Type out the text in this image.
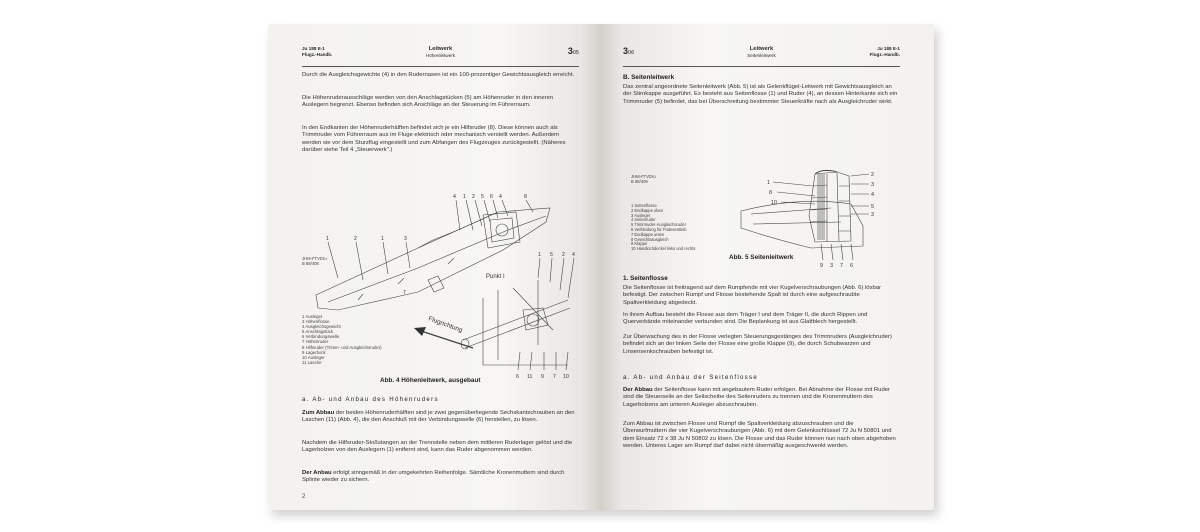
Ju 188 E-1
Flugz.-Handb.
Leitwerk
Höhenleitwerk	305

Durch die Ausgleichsgewichte (4) in den Rudernasen ist ein 100-prozentiger Gewichtsausgleich erreicht.

Die Höhenruderausschläge werden von den Anschlagstücken (5) am Höhenruder in den inneren Auslegern begrenzt. Ebenso befinden sich Anschläge an der Steuerung im Führerraum.

In den Endkanten der Höhenruderhälften befindet sich je ein Hilfsruder (8). Diese können auch als Trimmruder vom Führerraum aus im Fluge elektrisch oder mechanisch verstellt werden. Außerdem werden sie vor dem Sturzflug eingestellt und zum Abfangen des Flugzeuges zurückgestellt. (Näheres darüber siehe Teil 4 „Steuerwerk".)

JHM-FTVDru
B 88/408
4 1 2 5 6 4	8
1	2	1	3
1 5 2 4
6 11 9 7 10
7
Punkt I
Flugrichtung
1 Ausleger
2 Höhenflosse
4 Ausgleichsgewicht
5 Anschlagstück
6 Verbindungswelle
7 Höhenruder
8 Hilfsruder (Trimm- und Ausgleichsruder)
9 Lagerbock
10 Ausleger
11 Lasche
Abb. 4 Höhenleitwerk, ausgebaut

a. Ab- und Anbau des Höhenruders

Zum Abbau der beiden Höhenruderhälften sind je zwei gegenüberliegende Sechskantschrauben an den Laschen (11) (Abb. 4), die den Anschluß mit der Verbindungswelle (6) herstellen, zu lösen.

Nachdem die Hilfsruder-Stoßstangen an der Trennstelle neben dem mittleren Ruderlager gelöst und die Lagerbolzen von den Auslegern (1) entfernt sind, kann das Ruder abgenommen werden.

Der Anbau erfolgt sinngemäß in der umgekehrten Reihenfolge. Sämtliche Kronenmuttern sind durch Splinte wieder zu sichern.

2
306
Leitwerk
Seitenleitwerk
Ju 188 E-1
Flugz.-Handb.

B. Seitenleitwerk

Das zentral angeordnete Seitenleitwerk (Abb. 5) ist als Gelenkflügel-Leitwerk mit Gewichtsausgleich an der Stirnkappe ausgeführt. Es besteht aus Seitenflosse (1) und Ruder (4), an dessen Hinterkante sich ein Trimmruder (5) befindet, das bei Überschreitung bestimmter Steuerkräfte nach als Ausgleichruder wirkt.

JHM-FTVDru
B 88/409	1
8
10
2
3
4
5
3
9 3 7 6
1 Seitenflosse
2 Endkappe oben
3 Ausleger
4 Seitenruder
5 Trimmruder-Ausgleichsruder
6 Verkleidung für Podesentleib
7 Endkappe unten
8 Gewichtsausgleich
9 Klappe
10 Handlochdeckel links und rechts
Abb. 5 Seitenleitwerk

1. Seitenflosse

Die Seitenflosse ist freitragend auf dem Rumpfende mit vier Kugelverschraubungen (Abb. 6) lösbar befestigt. Der zwischen Rumpf und Flosse bestehende Spalt ist durch eine aufgeschraubte Spaltverkleidung abgedeckt.

In ihrem Aufbau besteht die Flosse aus dem Träger I und dem Träger II, die durch Rippen und Querverbände miteinander verbunden sind. Die Beplankung ist aus Glattblech hergestellt.

Zur Überwachung des in der Flosse verlegten Steuerungsgestänges des Trimmruders (Ausgleichruder) befindet sich an der linken Seite der Flosse eine große Klappe (9), die durch Schubwarzen und Linsensenkschrauben befestigt ist.

a. Ab- und Anbau der Seitenflosse

Der Abbau der Seitenflosse kann mit angebautem Ruder erfolgen. Bei Abnahme der Flosse mit Ruder sind die Steuerseile an der Seilscheibe des Seitenruders zu trennen und die Kronenmuttern des Lagerbolzens am unteren Ausleger abzuschrauben.

Zum Abbau ist zwischen Flosse und Rumpf die Spaltverkleidung abzuschrauben und die Überwurfmuttern der vier Kugelverschraubungen (Abb. 6) mit dem Gelenkschlüssel 72 Ju N 50801 und dem Einsatz 72 x 38 Ju N 50802 zu lösen. Die Flosse und das Ruder können nun nach oben abgehoben werden. Unteres Lager am Rumpf darf dabei nicht übermäßig ausgeschwenkt werden.
